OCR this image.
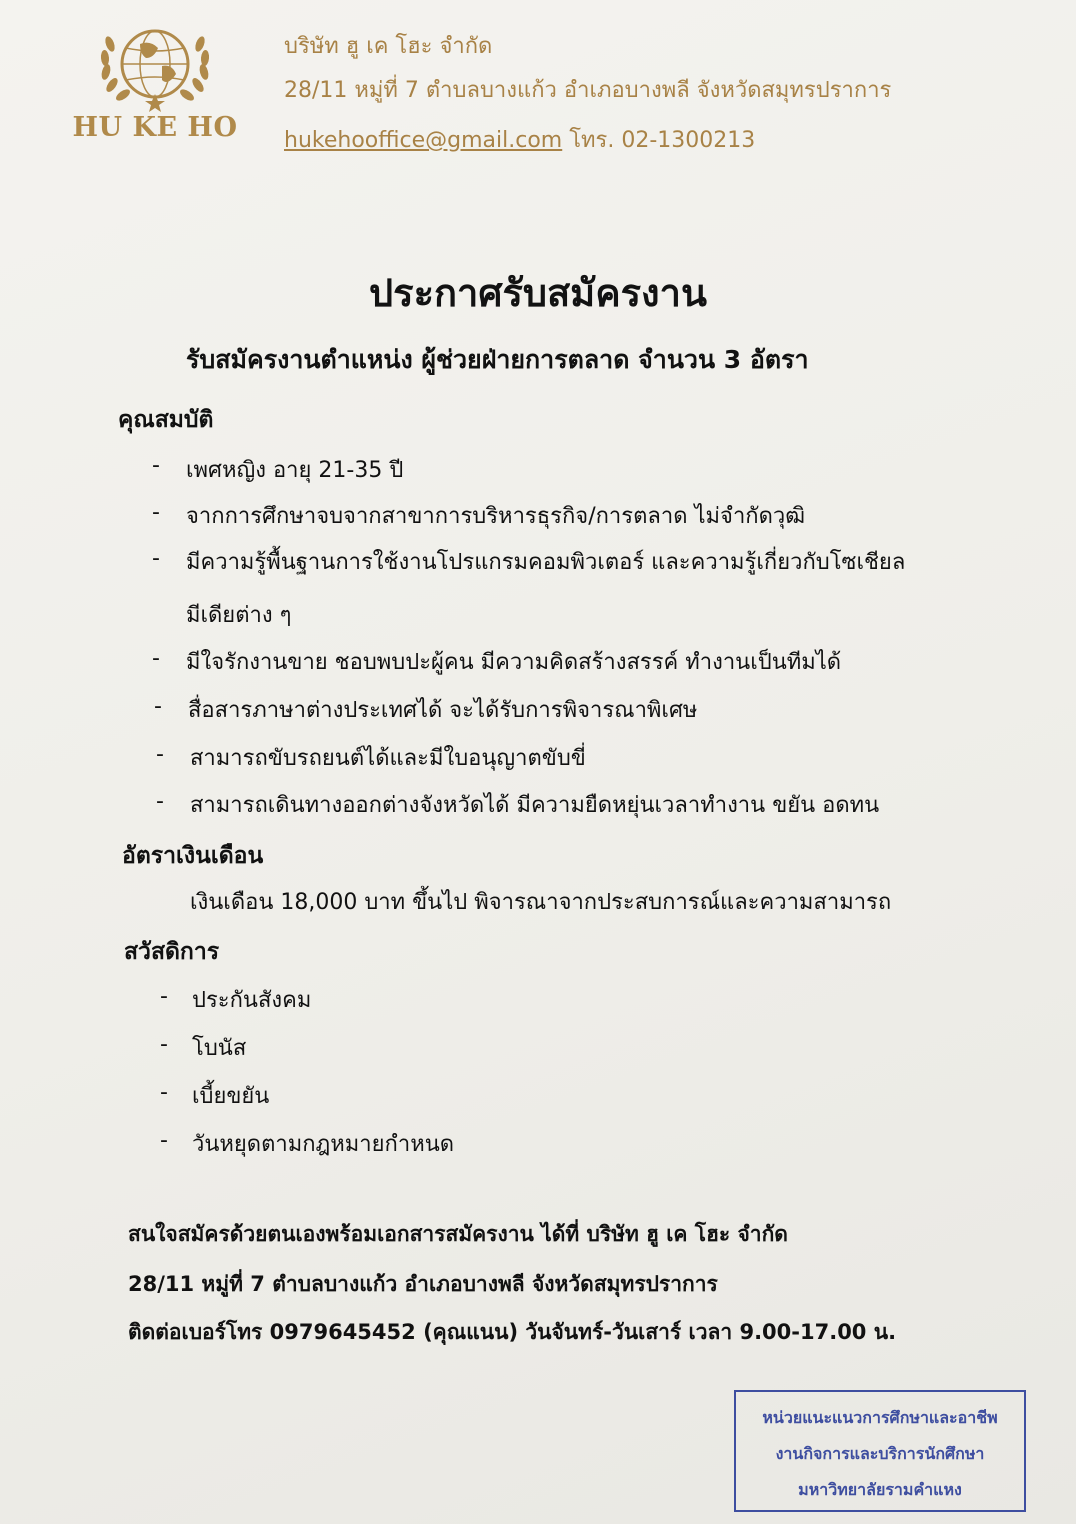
HU KE HO
บริษัท ฮู เค โฮะ จำกัด
28/11 หมู่ที่ 7 ตำบลบางแก้ว อำเภอบางพลี จังหวัดสมุทรปราการ
hukehooffice@gmail.com โทร. 02-1300213
ประกาศรับสมัครงาน
รับสมัครงานตำแหน่ง ผู้ช่วยฝ่ายการตลาด จำนวน 3 อัตรา
คุณสมบัติ
- เพศหญิง อายุ 21-35 ปี
- จากการศึกษาจบจากสาขาการบริหารธุรกิจ/การตลาด ไม่จำกัดวุฒิ
- มีความรู้พื้นฐานการใช้งานโปรแกรมคอมพิวเตอร์ และความรู้เกี่ยวกับโซเชียล
มีเดียต่าง ๆ
- มีใจรักงานขาย ชอบพบปะผู้คน มีความคิดสร้างสรรค์ ทำงานเป็นทีมได้
- สื่อสารภาษาต่างประเทศได้ จะได้รับการพิจารณาพิเศษ
- สามารถขับรถยนต์ได้และมีใบอนุญาตขับขี่
- สามารถเดินทางออกต่างจังหวัดได้ มีความยืดหยุ่นเวลาทำงาน ขยัน อดทน
อัตราเงินเดือน
เงินเดือน 18,000 บาท ขึ้นไป พิจารณาจากประสบการณ์และความสามารถ
สวัสดิการ
- ประกันสังคม
- โบนัส
- เบี้ยขยัน
- วันหยุดตามกฎหมายกำหนด
สนใจสมัครด้วยตนเองพร้อมเอกสารสมัครงาน ได้ที่ บริษัท ฮู เค โฮะ จำกัด
28/11 หมู่ที่ 7 ตำบลบางแก้ว อำเภอบางพลี จังหวัดสมุทรปราการ
ติดต่อเบอร์โทร 0979645452 (คุณแนน) วันจันทร์-วันเสาร์ เวลา 9.00-17.00 น.
หน่วยแนะแนวการศึกษาและอาชีพ
งานกิจการและบริการนักศึกษา
มหาวิทยาลัยรามคำแหง
